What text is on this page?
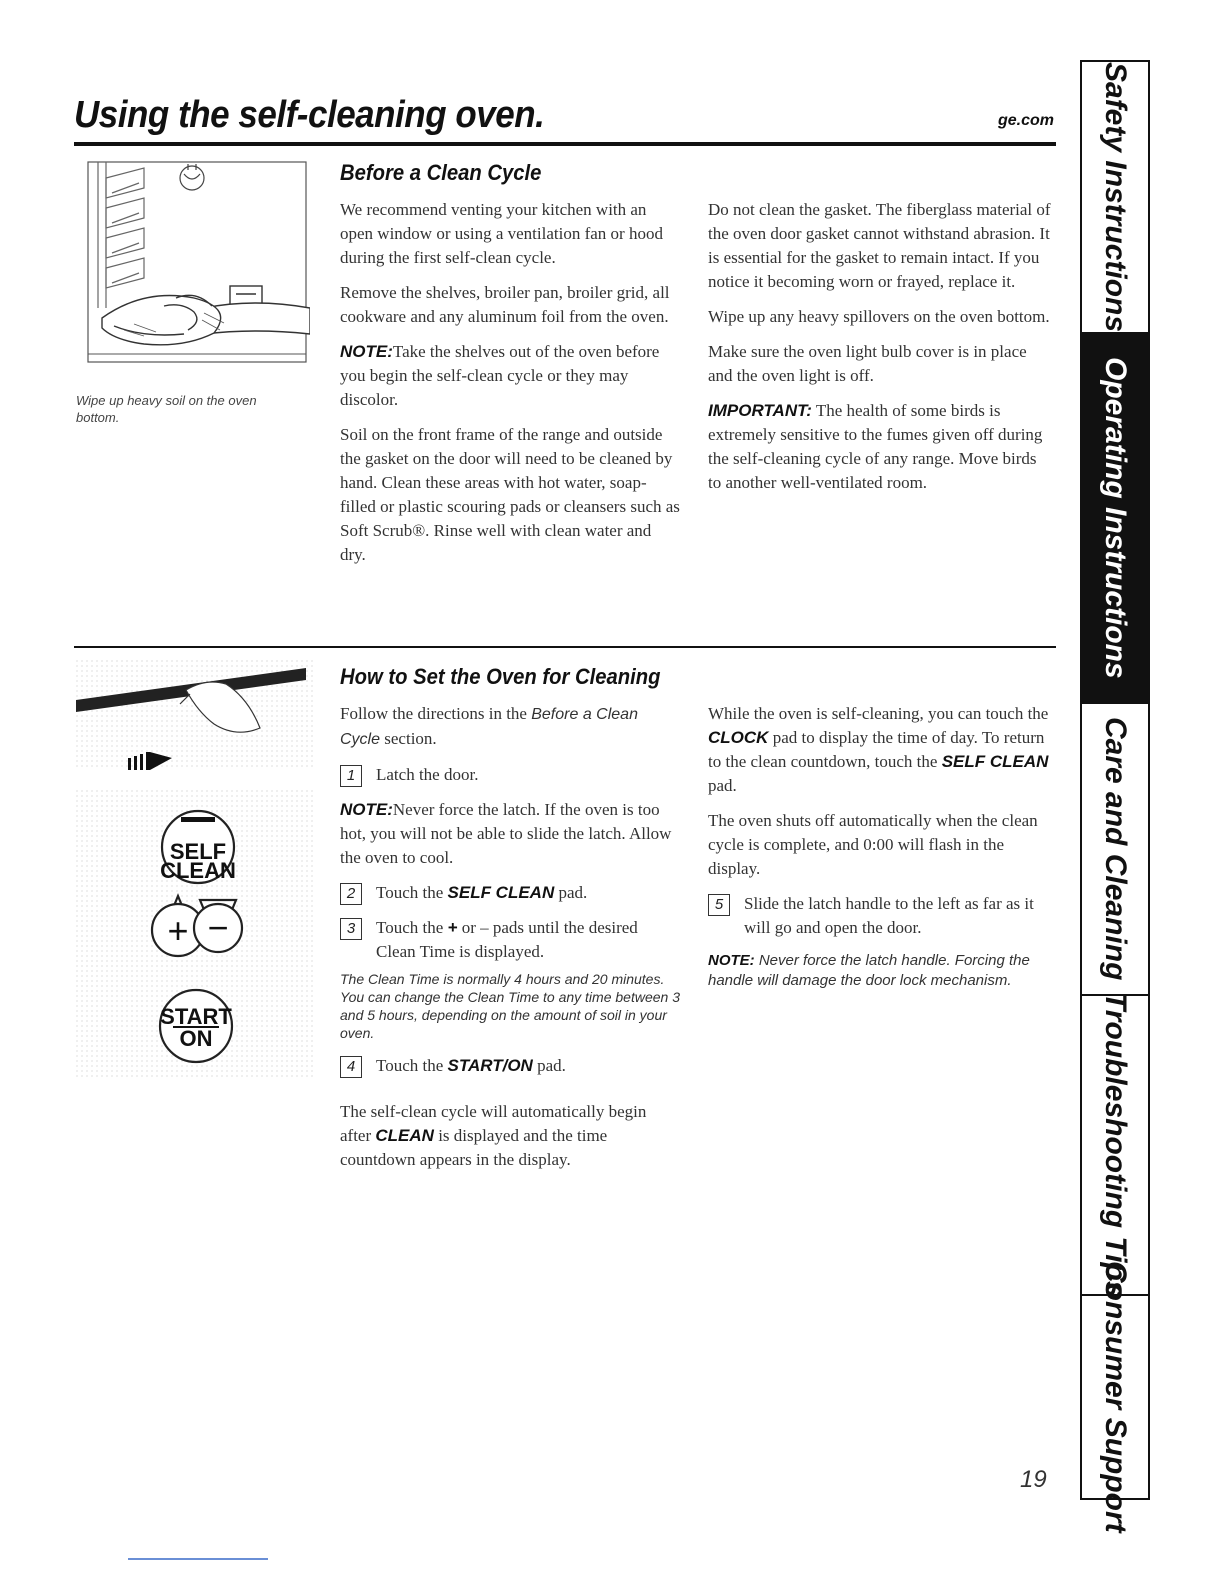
Using the self-cleaning oven.	ge.com
Wipe up heavy soil on the oven bottom.
Before a Clean Cycle

We recommend venting your kitchen with an open window or using a ventilation fan or hood during the first self-clean cycle.

Remove the shelves, broiler pan, broiler grid, all cookware and any aluminum foil from the oven.

NOTE:Take the shelves out of the oven before you begin the self-clean cycle or they may discolor.

Soil on the front frame of the range and outside the gasket on the door will need to be cleaned by hand. Clean these areas with hot water, soap-filled or plastic scouring pads or cleansers such as Soft Scrub®. Rinse well with clean water and dry.

Do not clean the gasket. The fiberglass material of the oven door gasket cannot withstand abrasion. It is essential for the gasket to remain intact. If you notice it becoming worn or frayed, replace it.

Wipe up any heavy spillovers on the oven bottom.

Make sure the oven light bulb cover is in place and the oven light is off.

IMPORTANT: The health of some birds is extremely sensitive to the fumes given off during the self-cleaning cycle of any range. Move birds to another well-ventilated room.

SELF
CLEAN
+ −
START
ON
How to Set the Oven for Cleaning

Follow the directions in the Before a Clean Cycle section.

1	Latch the door.

NOTE:Never force the latch. If the oven is too hot, you will not be able to slide the latch. Allow the oven to cool.

2	Touch the SELF CLEAN pad.
3	Touch the + or – pads until the desired Clean Time is displayed.

The Clean Time is normally 4 hours and 20 minutes. You can change the Clean Time to any time between 3 and 5 hours, depending on the amount of soil in your oven.

4	Touch the START/ON pad.

The self-clean cycle will automatically begin after CLEAN is displayed and the time countdown appears in the display.

While the oven is self-cleaning, you can touch the CLOCK pad to display the time of day. To return to the clean countdown, touch the SELF CLEAN pad.

The oven shuts off automatically when the clean cycle is complete, and 0:00 will flash in the display.

5	Slide the latch handle to the left as far as it will go and open the door.

NOTE: Never force the latch handle. Forcing the handle will damage the door lock mechanism.

Safety Instructions
Operating Instructions
Care and Cleaning
Troubleshooting Tips
Consumer Support
19
